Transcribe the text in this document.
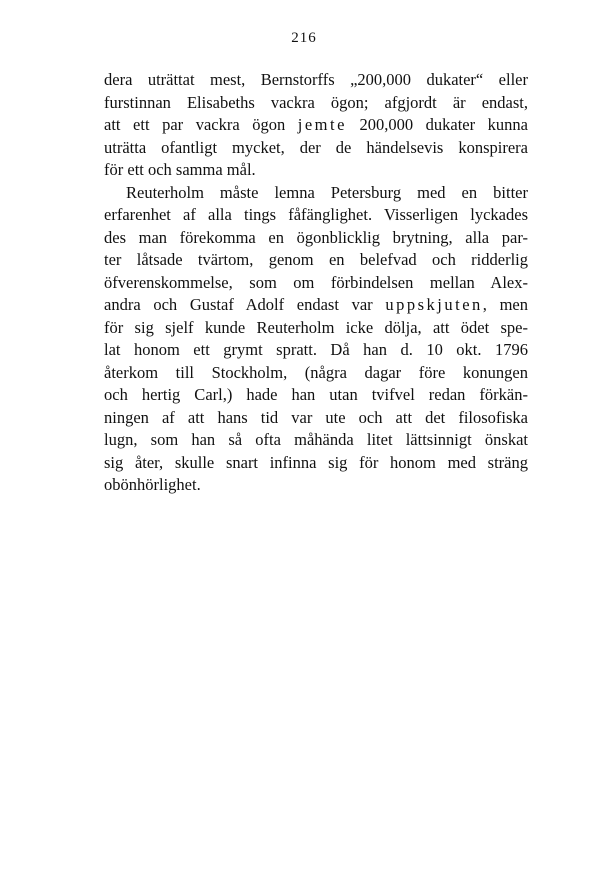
216
dera uträttat mest, Bernstorffs „200,000 dukater“ eller
furstinnan Elisabeths vackra ögon; afgjordt är endast,
att ett par vackra ögon jemte 200,000 dukater kunna
uträtta ofantligt mycket, der de händelsevis konspirera
för ett och samma mål.
Reuterholm måste lemna Petersburg med en bitter
erfarenhet af alla tings fåfänglighet. Visserligen lyckades
des man förekomma en ögonblicklig brytning, alla par-
ter låtsade tvärtom, genom en belefvad och ridderlig
öfverenskommelse, som om förbindelsen mellan Alex-
andra och Gustaf Adolf endast var uppskjuten, men
för sig sjelf kunde Reuterholm icke dölja, att ödet spe-
lat honom ett grymt spratt. Då han d. 10 okt. 1796
återkom till Stockholm, (några dagar före konungen
och hertig Carl,) hade han utan tvifvel redan förkän-
ningen af att hans tid var ute och att det filosofiska
lugn, som han så ofta måhända litet lättsinnigt önskat
sig åter, skulle snart infinna sig för honom med sträng
obönhörlighet.
